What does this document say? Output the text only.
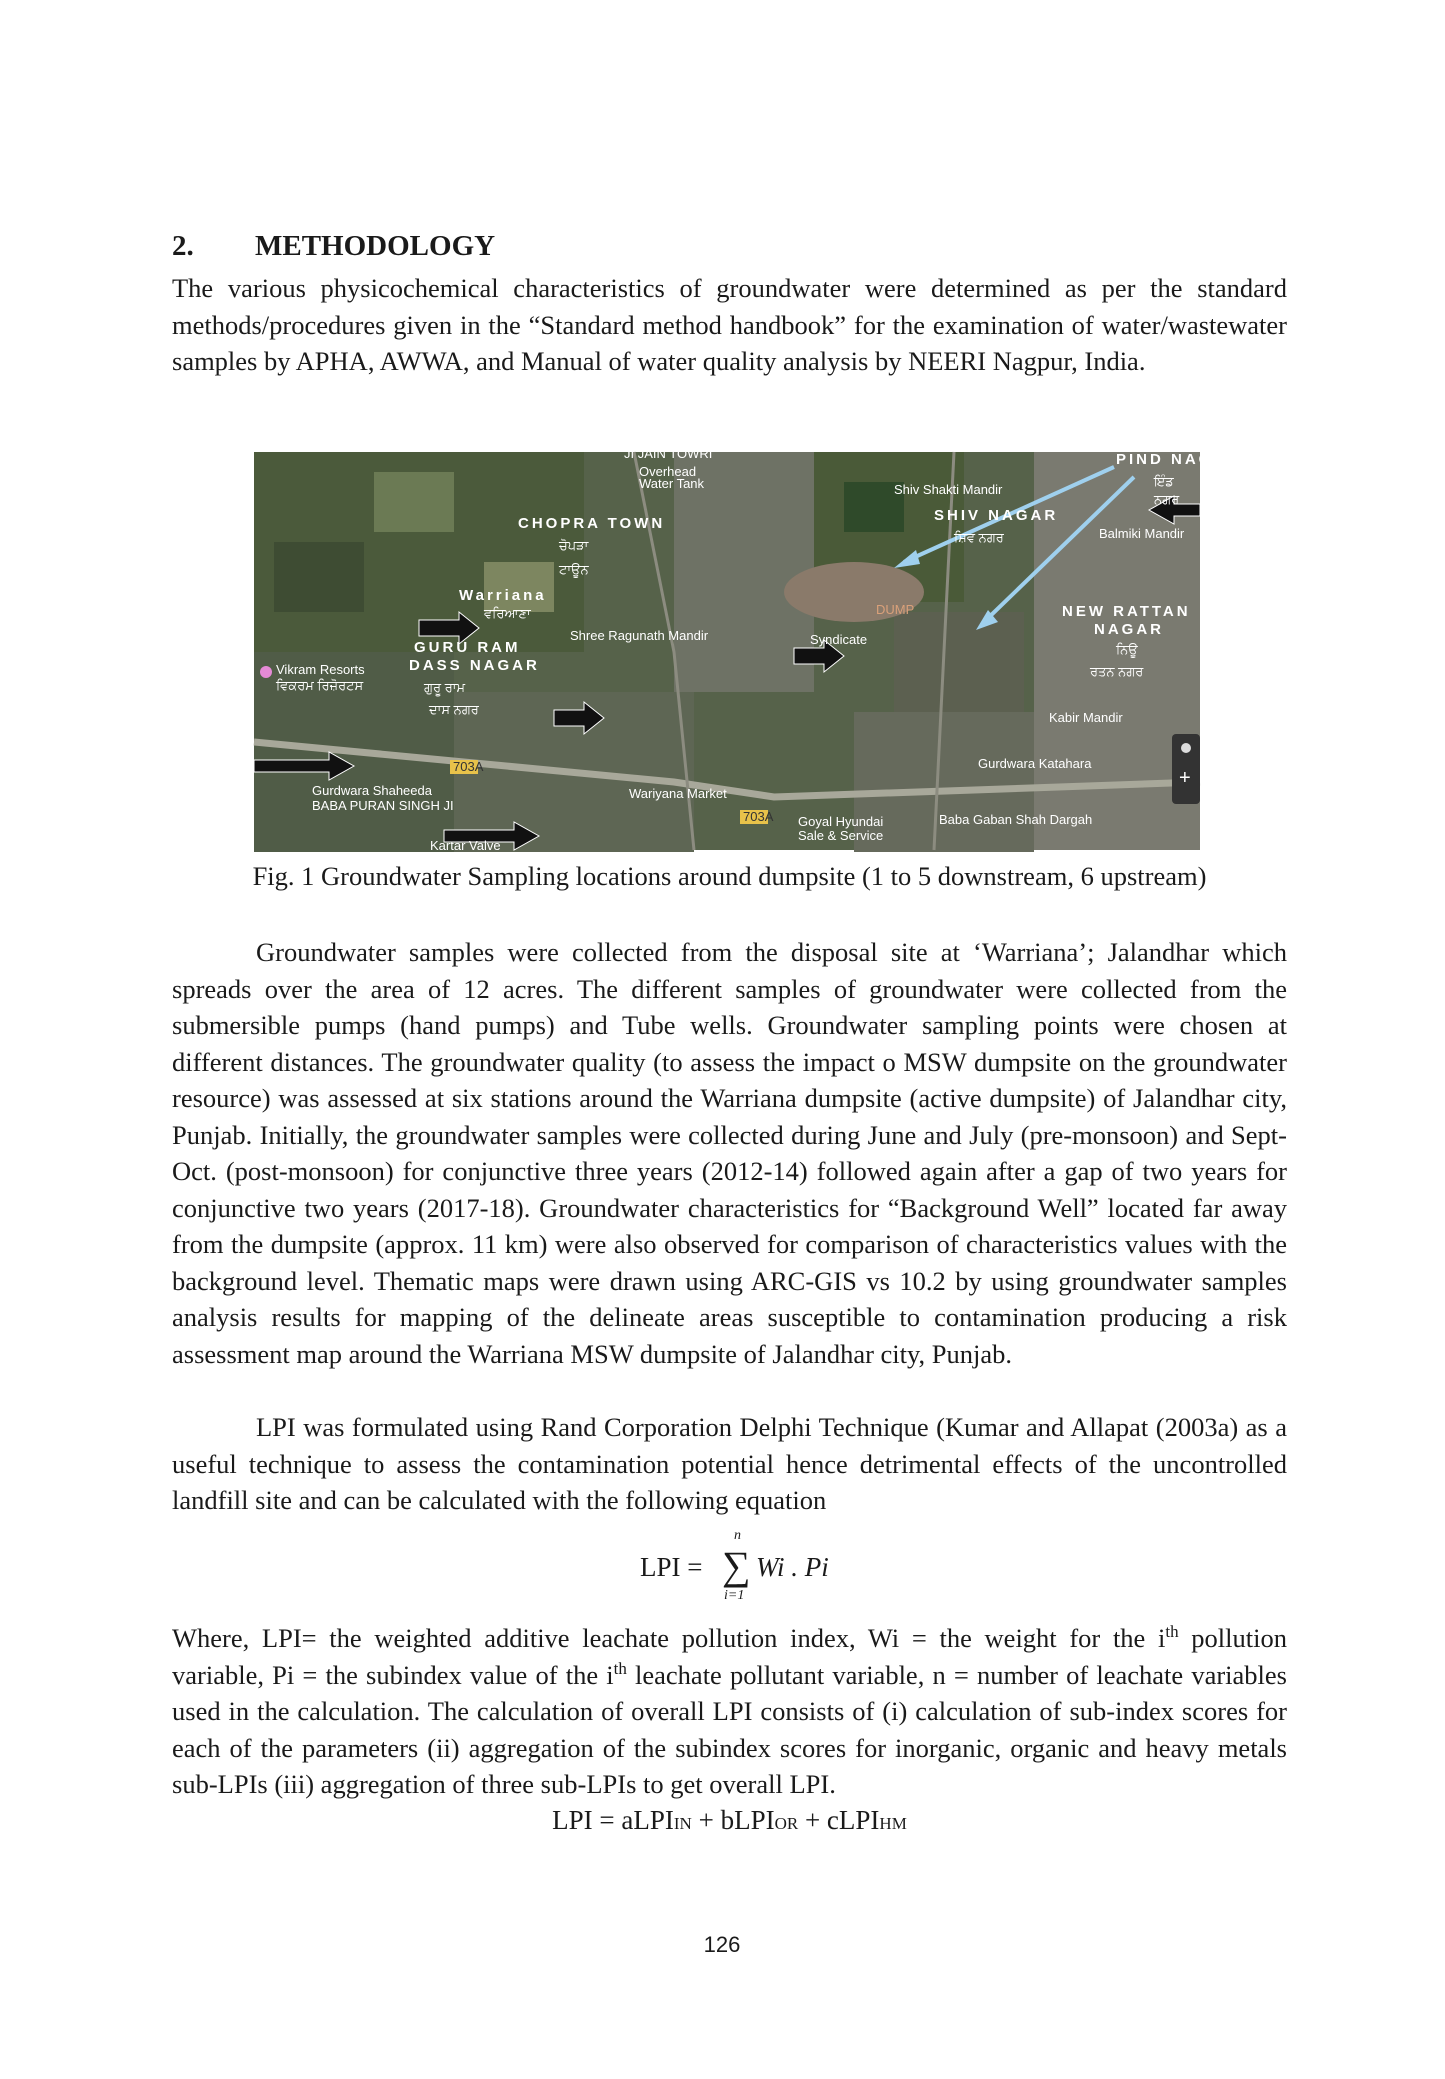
2. METHODOLOGY

The various physicochemical characteristics of groundwater were determined as per the standard methods/procedures given in the “Standard method handbook” for the examination of water/wastewater samples by APHA, AWWA, and Manual of water quality analysis by NEERI Nagpur, India.

JI JAIN TOWRI
Overhead
Water Tank
CHOPRA TOWN
ਚੋਪੜਾ
ਟਾਊਨ
Shiv Shakti Mandir
SHIV NAGAR
ਸ਼ਿਵ ਨਗਰ
PIND NAG
ਇੰਡ
ਨਗਰ
Balmiki Mandir
Warriana
ਵਰਿਆਣਾ
GURU RAM
DASS NAGAR
ਗੁਰੂ ਰਾਮ
ਦਾਸ ਨਗਰ
Vikram Resorts
ਵਿਕਰਮ ਰਿਜ਼ੋਰਟਸ
Shree Ragunath Mandir	Syndicate
DUMP	NEW RATTAN
NAGAR
ਨਿਊ
ਰਤਨ ਨਗਰ
Kabir Mandir
Gurdwara Katahara
703A
703A
Gurdwara Shaheeda
BABA PURAN SINGH JI
Wariyana Market
Goyal Hyundai
Sale & Service
Baba Gaban Shah Dargah
Kartar Valve
+
Fig. 1 Groundwater Sampling locations around dumpsite (1 to 5 downstream, 6 upstream)

Groundwater samples were collected from the disposal site at ‘Warriana’; Jalandhar which spreads over the area of 12 acres. The different samples of groundwater were collected from the submersible pumps (hand pumps) and Tube wells. Groundwater sampling points were chosen at different distances. The groundwater quality (to assess the impact o MSW dumpsite on the groundwater resource) was assessed at six stations around the Warriana dumpsite (active dumpsite) of Jalandhar city, Punjab. Initially, the groundwater samples were collected during June and July (pre-monsoon) and Sept-Oct. (post-monsoon) for conjunctive three years (2012-14) followed again after a gap of two years for conjunctive two years (2017-18). Groundwater characteristics for “Background Well” located far away from the dumpsite (approx. 11 km) were also observed for comparison of characteristics values with the background level. Thematic maps were drawn using ARC-GIS vs 10.2 by using groundwater samples analysis results for mapping of the delineate areas susceptible to contamination producing a risk assessment map around the Warriana MSW dumpsite of Jalandhar city, Punjab.

LPI was formulated using Rand Corporation Delphi Technique (Kumar and Allapat (2003a) as a useful technique to assess the contamination potential hence detrimental effects of the uncontrolled landfill site and can be calculated with the following equation

LPI =
n
∑
i=1
Wi . Pi

Where, LPI= the weighted additive leachate pollution index, Wi = the weight for the $i^{th}$ pollution variable, Pi = the subindex value of the $i^{th}$ leachate pollutant variable, n = number of leachate variables used in the calculation. The calculation of overall LPI consists of (i) calculation of sub-index scores for each of the parameters (ii) aggregation of the subindex scores for inorganic, organic and heavy metals sub-LPIs (iii) aggregation of three sub-LPIs to get overall LPI.

LPI = aLPIIN + bLPIOR + cLPIHM
126
